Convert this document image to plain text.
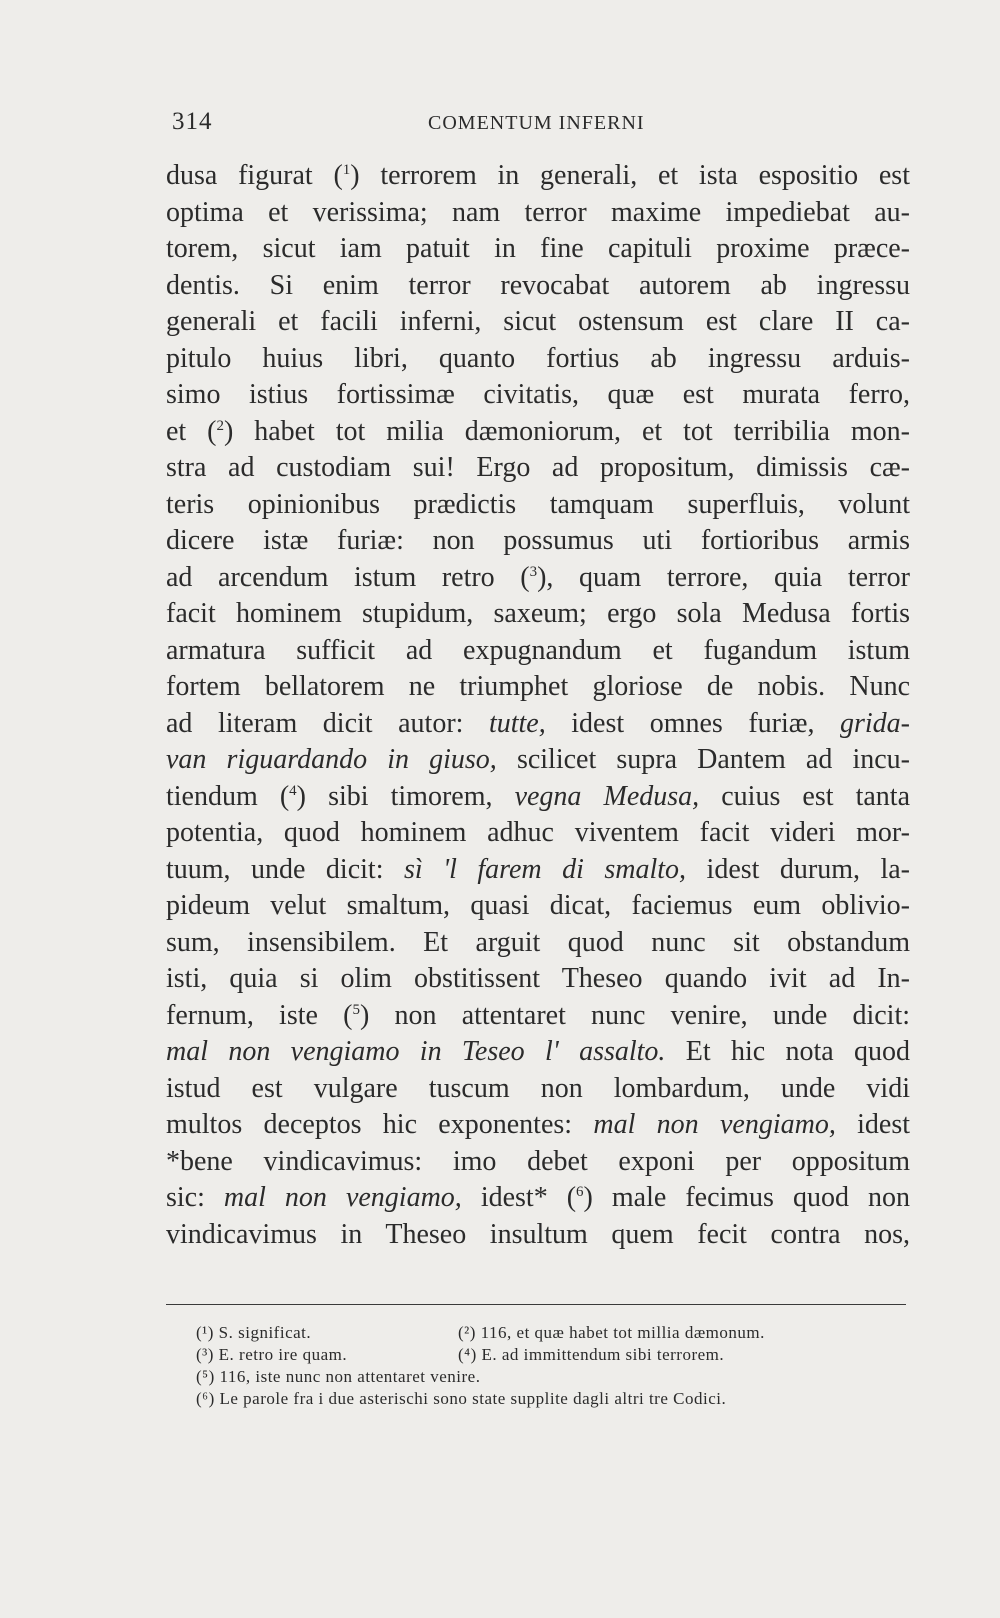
314	COMENTUM INFERNI
dusa figurat ($^1$) terrorem in generali, et ista espositio est
optima et verissima; nam terror maxime impediebat au-
torem, sicut iam patuit in fine capituli proxime præce-
dentis. Si enim terror revocabat autorem ab ingressu
generali et facili inferni, sicut ostensum est clare II ca-
pitulo huius libri, quanto fortius ab ingressu arduis-
simo istius fortissimæ civitatis, quæ est murata ferro,
et ($^2$) habet tot milia dæmoniorum, et tot terribilia mon-
stra ad custodiam sui! Ergo ad propositum, dimissis cæ-
teris opinionibus prædictis tamquam superfluis, volunt
dicere istæ furiæ: non possumus uti fortioribus armis
ad arcendum istum retro ($^3$), quam terrore, quia terror
facit hominem stupidum, saxeum; ergo sola Medusa fortis
armatura sufficit ad expugnandum et fugandum istum
fortem bellatorem ne triumphet gloriose de nobis. Nunc
ad literam dicit autor: tutte, idest omnes furiæ, grida-
van riguardando in giuso, scilicet supra Dantem ad incu-
tiendum ($^4$) sibi timorem, vegna Medusa, cuius est tanta
potentia, quod hominem adhuc viventem facit videri mor-
tuum, unde dicit: sì 'l farem di smalto, idest durum, la-
pideum velut smaltum, quasi dicat, faciemus eum oblivio-
sum, insensibilem. Et arguit quod nunc sit obstandum
isti, quia si olim obstitissent Theseo quando ivit ad In-
fernum, iste ($^5$) non attentaret nunc venire, unde dicit:
mal non vengiamo in Teseo l' assalto. Et hic nota quod
istud est vulgare tuscum non lombardum, unde vidi
multos deceptos hic exponentes: mal non vengiamo, idest
*bene vindicavimus: imo debet exponi per oppositum
sic: mal non vengiamo, idest* ($^6$) male fecimus quod non
vindicavimus in Theseo insultum quem fecit contra nos,
(¹) S. significat.	(²) 116, et quæ habet tot millia dæmonum.
(³) E. retro ire quam.	(⁴) E. ad immittendum sibi terrorem.
(⁵) 116, iste nunc non attentaret venire.
(⁶) Le parole fra i due asterischi sono state supplite dagli altri tre Codici.
